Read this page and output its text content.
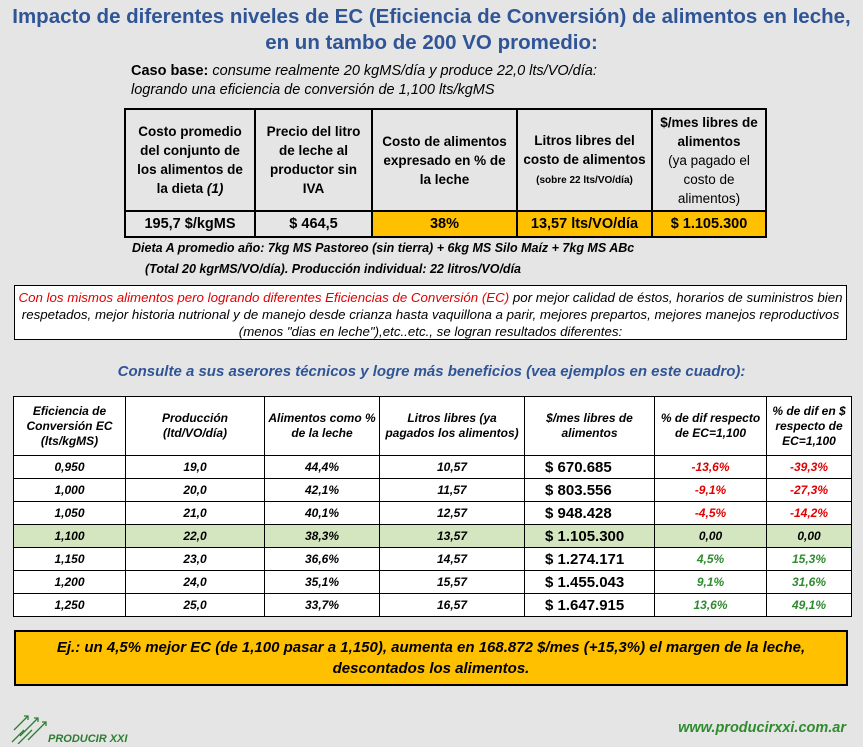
Impacto de diferentes niveles de EC (Eficiencia de Conversión) de alimentos en leche,
en un tambo de 200 VO promedio:
Caso base: consume realmente 20 kgMS/día y produce 22,0 lts/VO/día:
logrando una eficiencia de conversión de 1,100 lts/kgMS
Costo promedio del conjunto de los alimentos de la dieta (1)	Precio del litro de leche al productor sin IVA	Costo de alimentos expresado en % de la leche	Litros libres del costo de alimentos (sobre 22 lts/VO/día)	$/mes libres de alimentos
(ya pagado el costo de alimentos)
195,7 $/kgMS	$ 464,5	38%	13,57 lts/VO/día	$ 1.105.300
Dieta A promedio año: 7kg MS Pastoreo (sin tierra) + 6kg MS Silo Maíz + 7kg MS ABc
(Total 20 kgrMS/VO/día). Producción individual: 22 litros/VO/día
Con los mismos alimentos pero logrando diferentes Eficiencias de Conversión (EC) por mejor calidad de éstos, horarios de suministros bien respetados, mejor historia nutrional y de manejo desde crianza hasta vaquillona a parir, mejores prepartos, mejores manejos reproductivos (menos "dias en leche"),etc..etc., se logran resultados diferentes:
Consulte a sus aserores técnicos y logre más beneficios (vea ejemplos en este cuadro):
Eficiencia de Conversión EC (lts/kgMS)	Producción (ltd/VO/día)	Alimentos como % de la leche	Litros libres (ya pagados los alimentos)	$/mes libres de alimentos	% de dif respecto de EC=1,100	% de dif en $ respecto de EC=1,100
0,950	19,0	44,4%	10,57	$ 670.685	-13,6%	-39,3%
1,000	20,0	42,1%	11,57	$ 803.556	-9,1%	-27,3%
1,050	21,0	40,1%	12,57	$ 948.428	-4,5%	-14,2%
1,100	22,0	38,3%	13,57	$ 1.105.300	0,00	0,00
1,150	23,0	36,6%	14,57	$ 1.274.171	4,5%	15,3%
1,200	24,0	35,1%	15,57	$ 1.455.043	9,1%	31,6%
1,250	25,0	33,7%	16,57	$ 1.647.915	13,6%	49,1%
Ej.: un 4,5% mejor EC (de 1,100 pasar a 1,150), aumenta en 168.872 $/mes (+15,3%) el margen de la leche,
descontados los alimentos.
PRODUCIR XXI
www.producirxxi.com.ar
